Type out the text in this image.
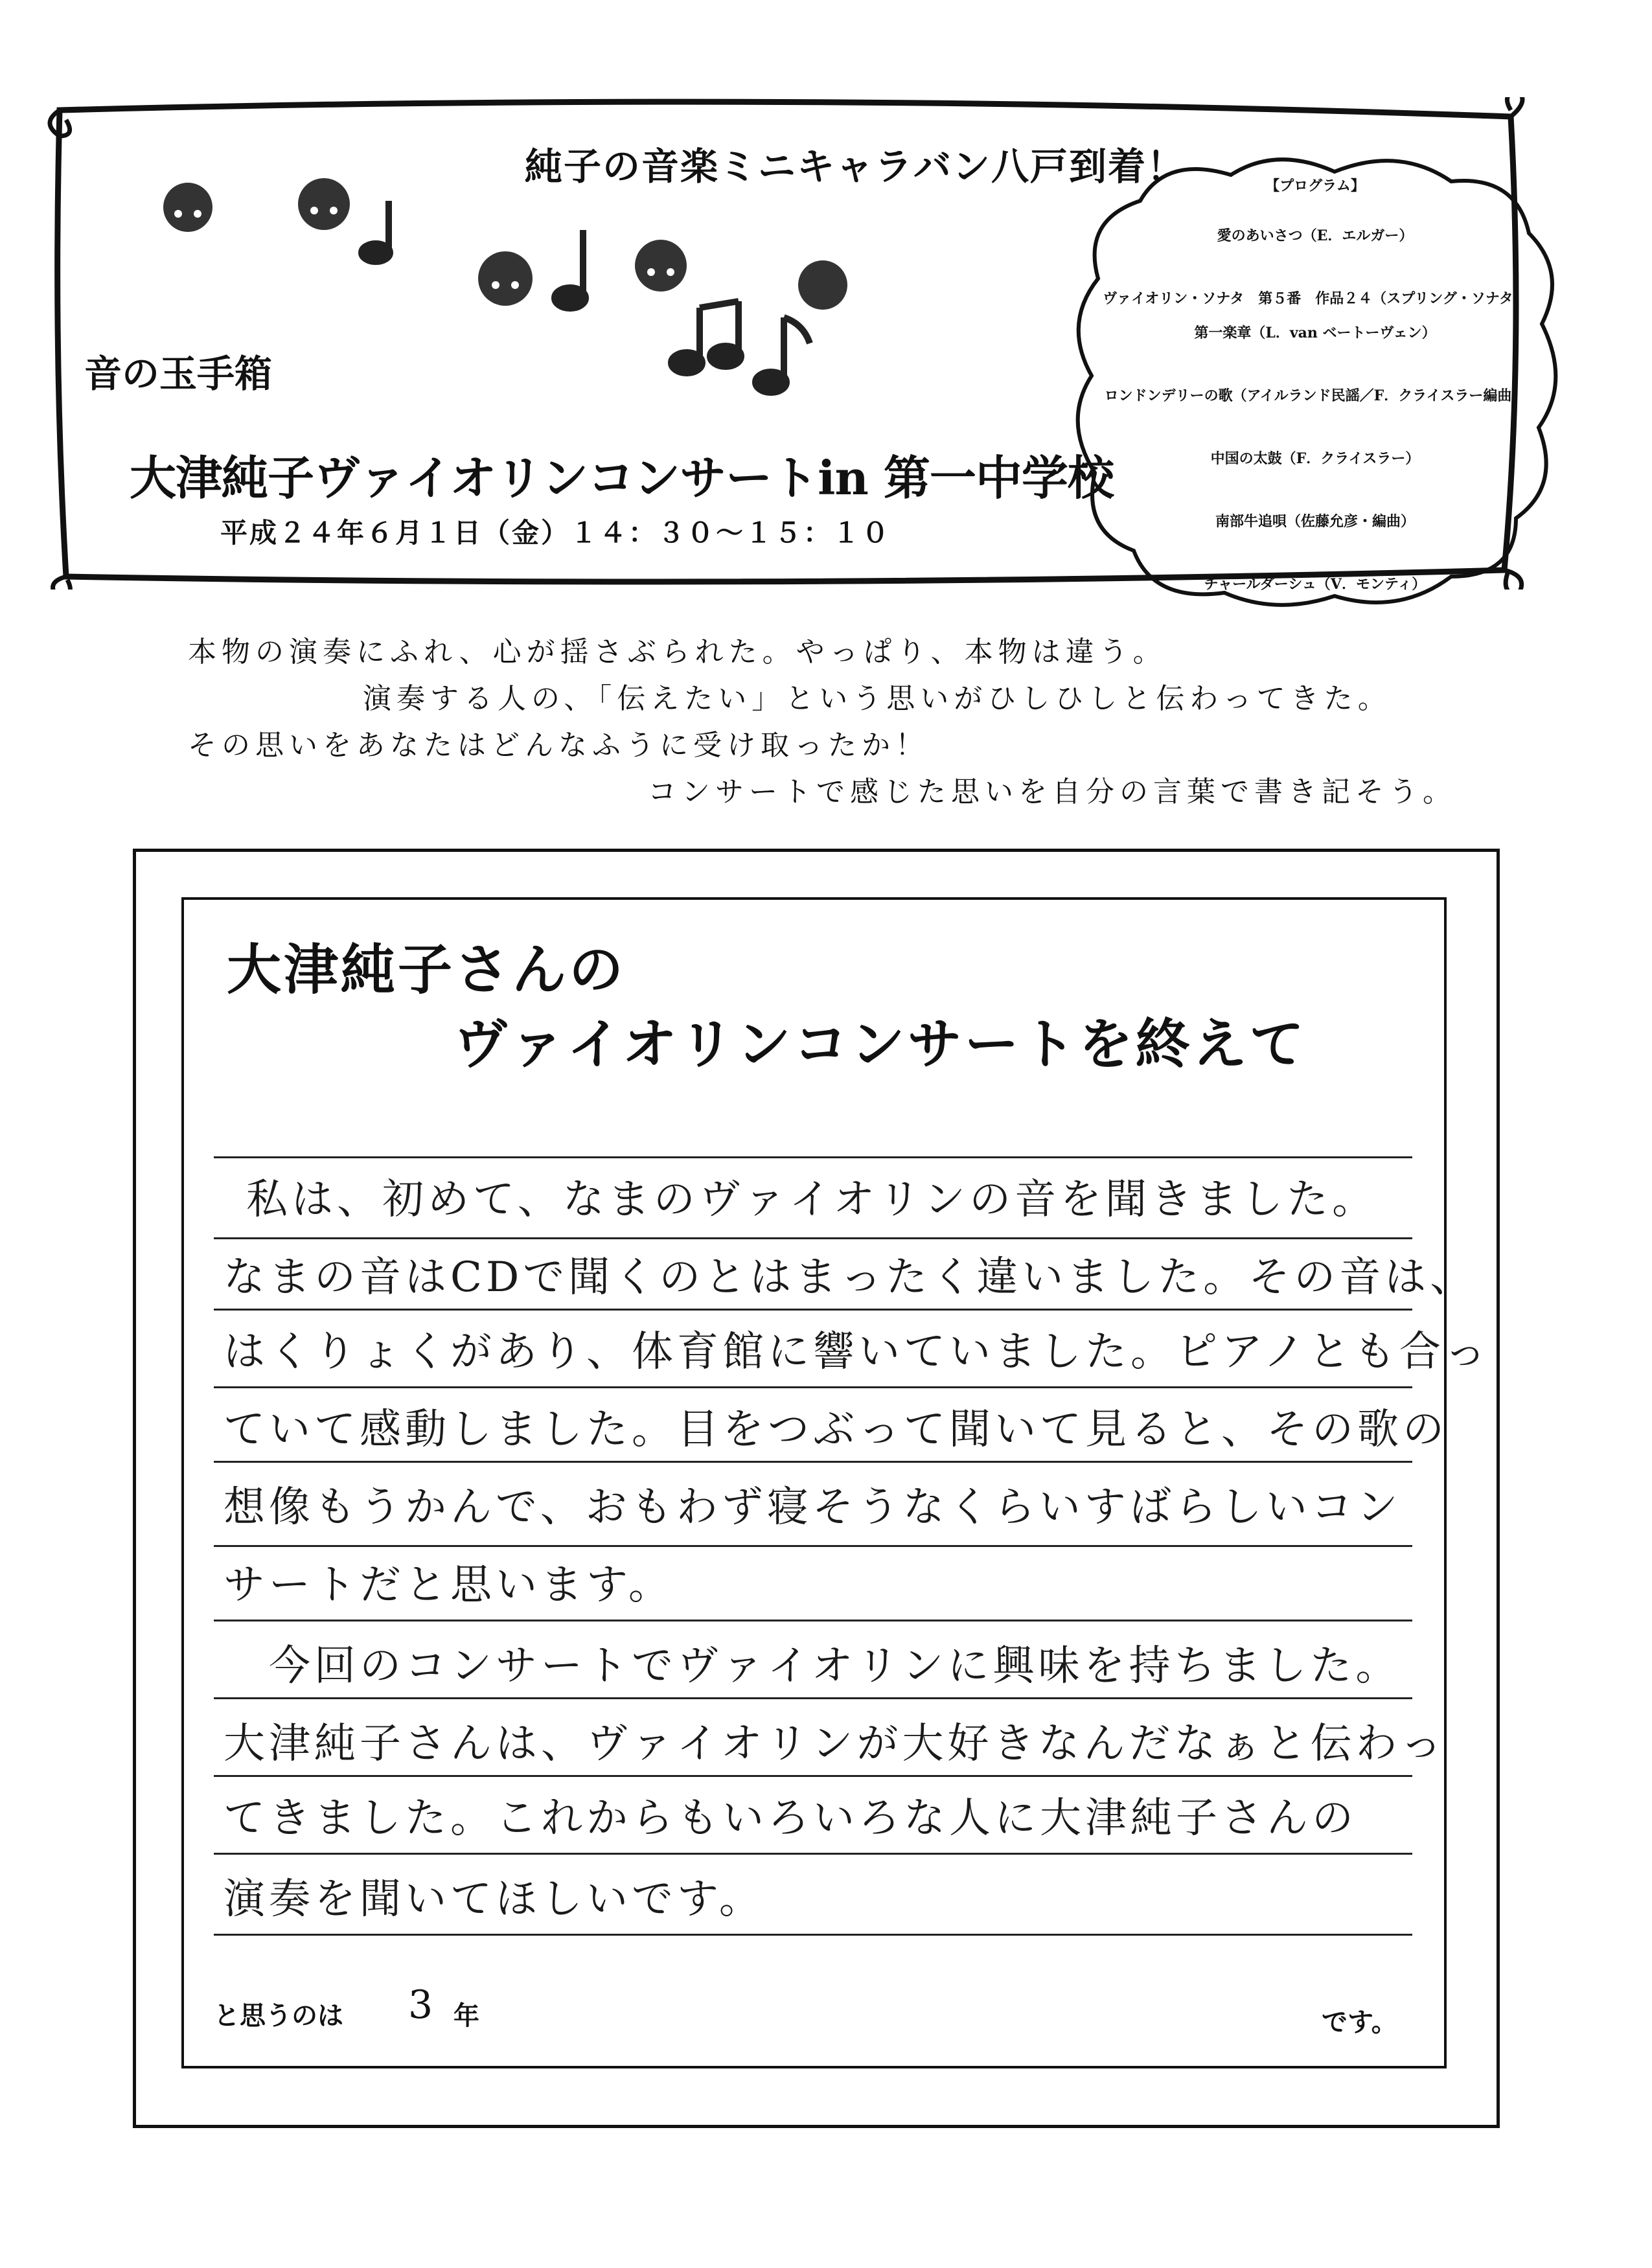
純子の音楽ミニキャラバン八戸到着！
音の玉手箱
大津純子ヴァイオリンコンサートin 第一中学校
平成２４年６月１日（金）１４：３０～１５：１０
【プログラム】
愛のあいさつ（E．エルガー）
ヴァイオリン・ソナタ　第５番　作品２４（スプリング・ソナタ）
第一楽章（L．van ベートーヴェン）
ロンドンデリーの歌（アイルランド民謡／F．クライスラー編曲）
中国の太鼓（F．クライスラー）
南部牛追唄（佐藤允彦・編曲）
チャールダーシュ（V．モンティ）
本物の演奏にふれ、心が揺さぶられた。やっぱり、本物は違う。
演奏する人の、「伝えたい」という思いがひしひしと伝わってきた。
その思いをあなたはどんなふうに受け取ったか！
コンサートで感じた思いを自分の言葉で書き記そう。
大津純子さんの
ヴァイオリンコンサートを終えて
私は、初めて、なまのヴァイオリンの音を聞きました。
なまの音はCDで聞くのとはまったく違いました。その音は、
はくりょくがあり、体育館に響いていました。ピアノとも合っ
ていて感動しました。目をつぶって聞いて見ると、その歌の
想像もうかんで、おもわず寝そうなくらいすばらしいコン
サートだと思います。
　今回のコンサートでヴァイオリンに興味を持ちました。
大津純子さんは、ヴァイオリンが大好きなんだなぁと伝わっ
てきました。これからもいろいろな人に大津純子さんの
演奏を聞いてほしいです。
と思うのは 3 年	です。
